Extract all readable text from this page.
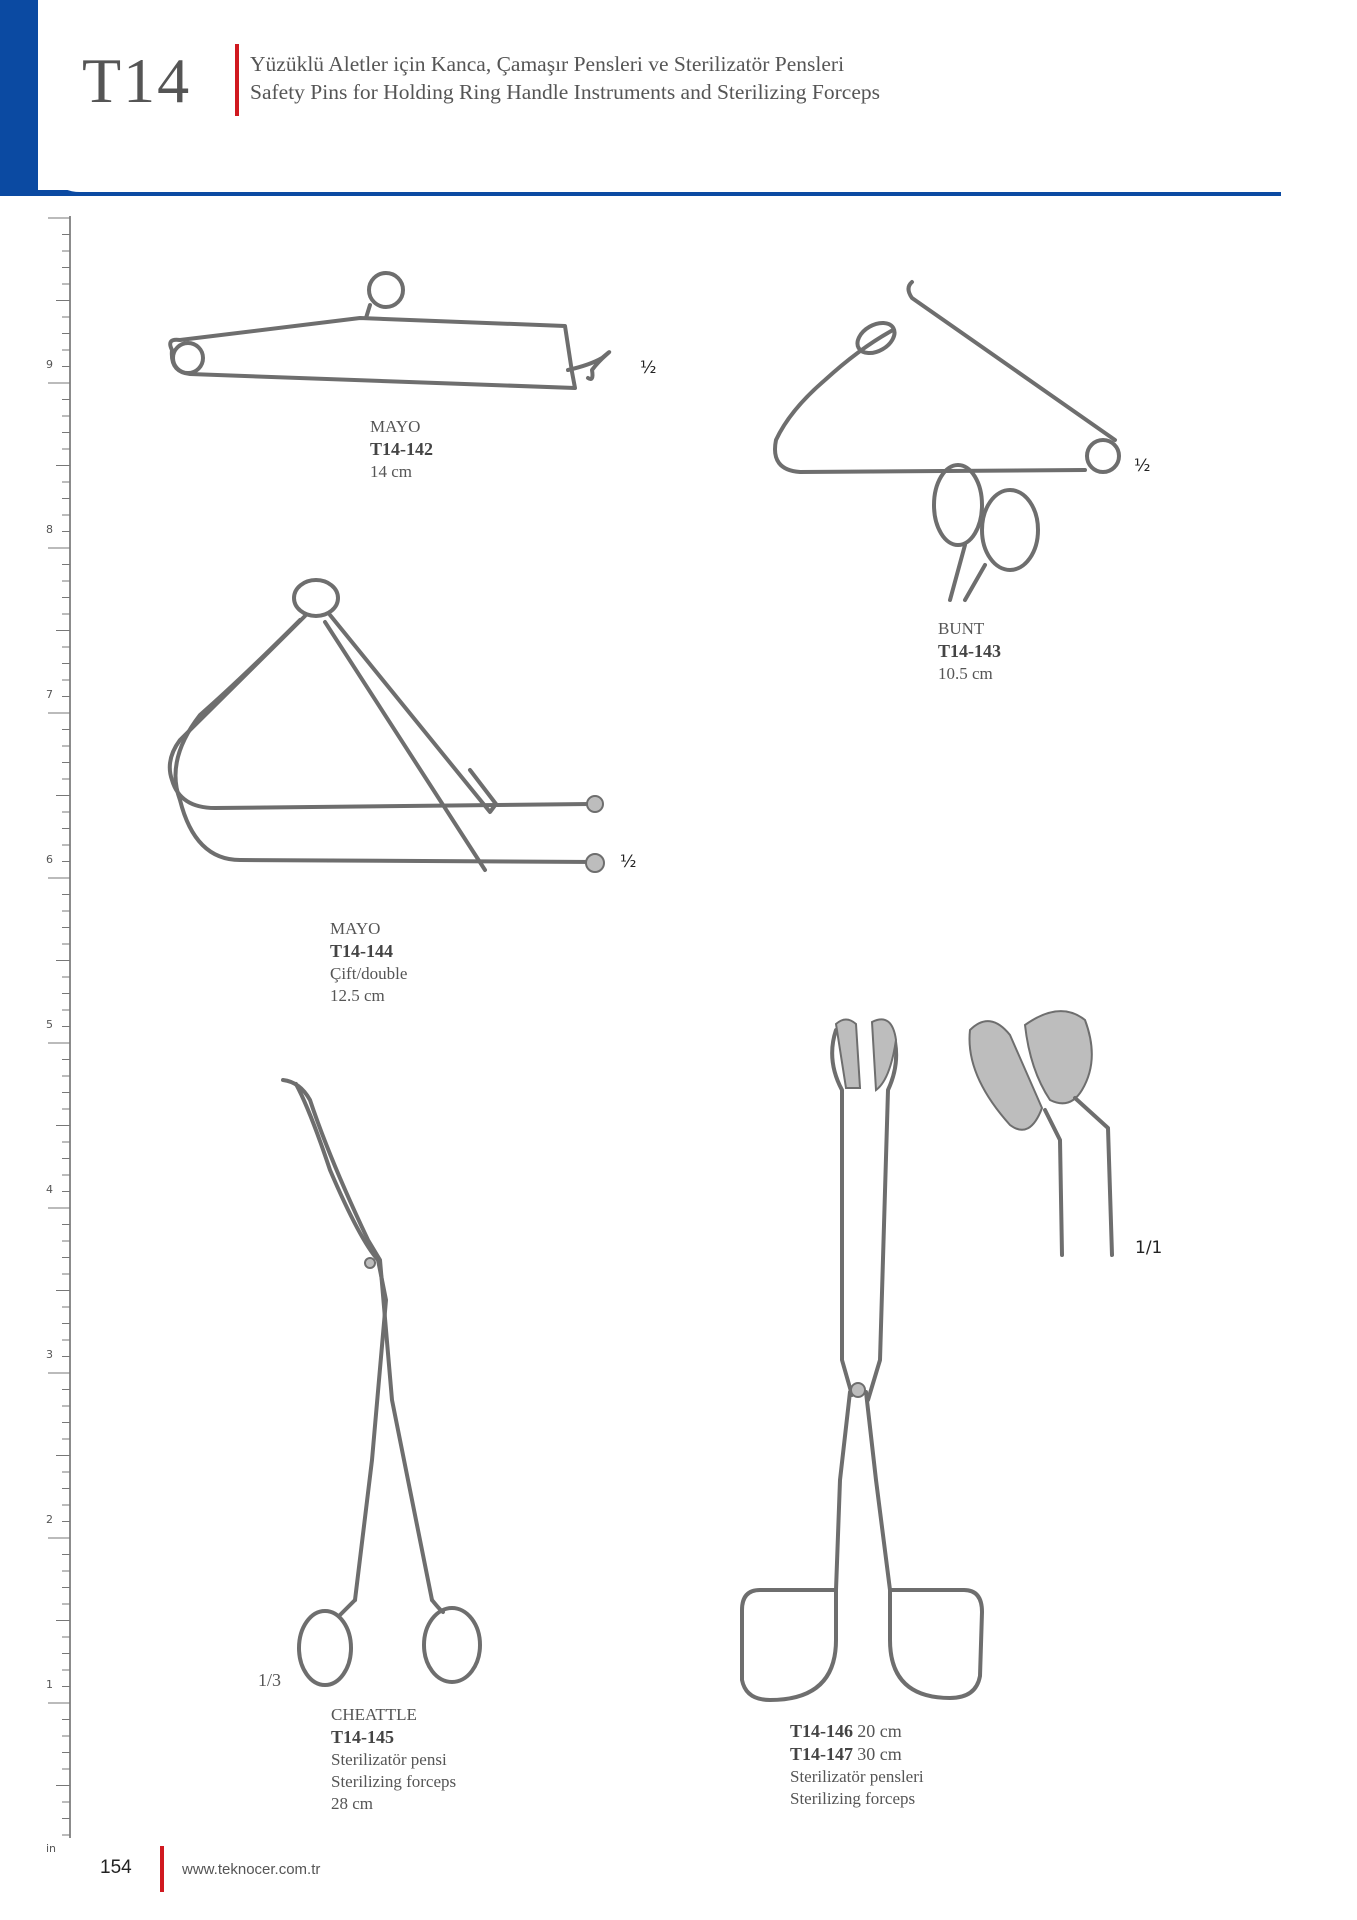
T14	Yüzüklü Aletler için Kanca, Çamaşır Pensleri ve Sterilizatör Pensleri
Safety Pins for Holding Ring Handle Instruments and Sterilizing Forceps
9
8
7
6
5
4
3
2
1
in
½
½
½
1/3
1/1
MAYO
T14-142
14 cm
BUNT
T14-143
10.5 cm
MAYO
T14-144
Çift/double
12.5 cm
CHEATTLE
T14-145
Sterilizatör pensi
Sterilizing forceps
28 cm
T14-146 20 cm
T14-147 30 cm
Sterilizatör pensleri
Sterilizing forceps
154	www.teknocer.com.tr
